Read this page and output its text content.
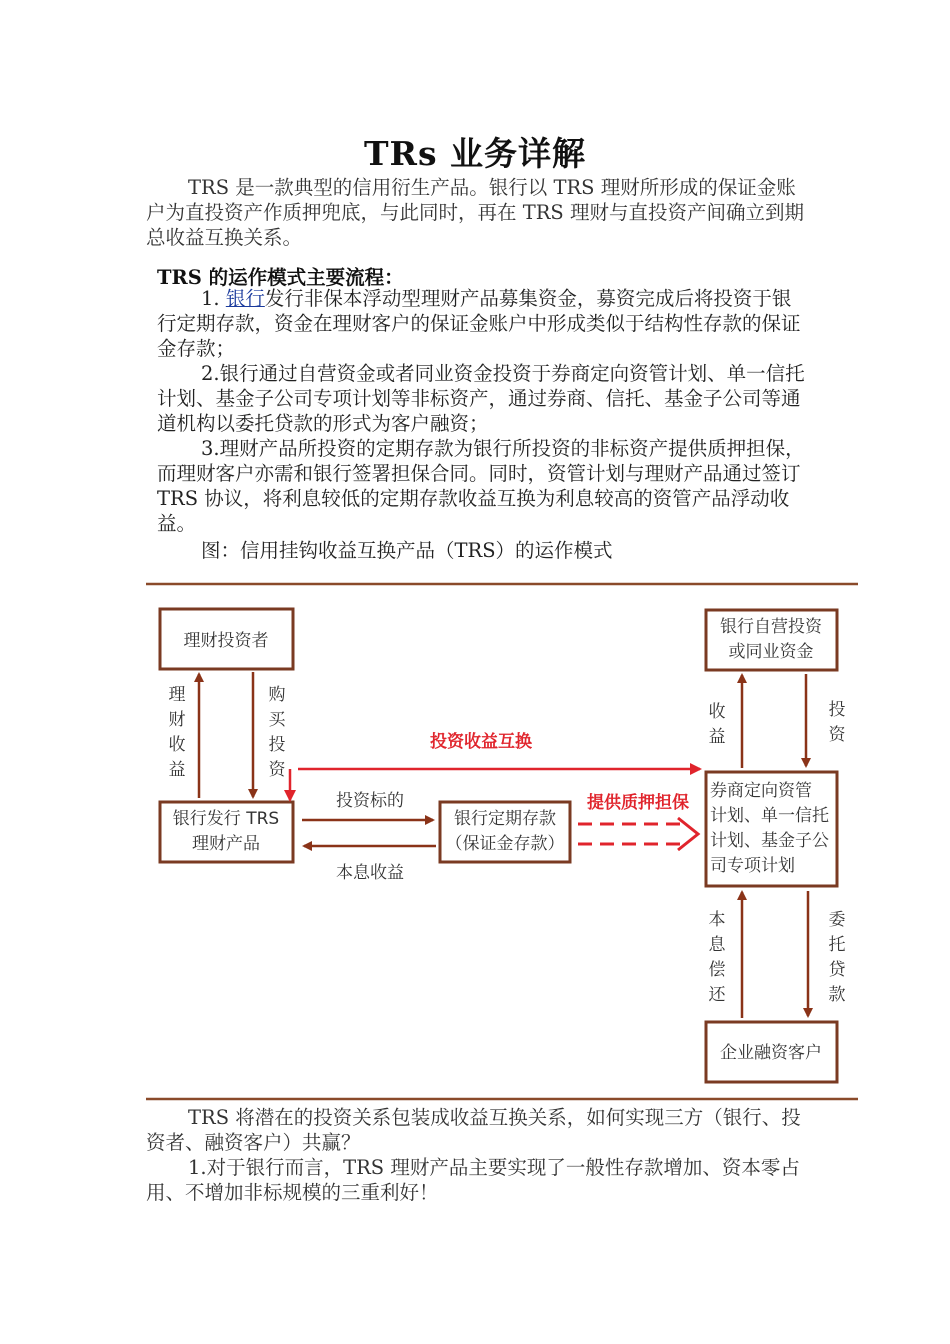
TRs 业务详解

TRS 是一款典型的信用衍生产品。银行以 TRS 理财所形成的保证金账户为直投资产作质押兜底，与此同时，再在 TRS 理财与直投资产间确立到期总收益互换关系。

TRS 的运作模式主要流程：
1. 银行发行非保本浮动型理财产品募集资金，募资完成后将投资于银行定期存款，资金在理财客户的保证金账户中形成类似于结构性存款的保证金存款；
2.银行通过自营资金或者同业资金投资于券商定向资管计划、单一信托计划、基金子公司专项计划等非标资产，通过券商、信托、基金子公司等通道机构以委托贷款的形式为客户融资；
3.理财产品所投资的定期存款为银行所投资的非标资产提供质押担保，而理财客户亦需和银行签署担保合同。同时，资管计划与理财产品通过签订 TRS 协议，将利息较低的定期存款收益互换为利息较高的资管产品浮动收益。
图：信用挂钩收益互换产品（TRS）的运作模式
理财投资者
银行发行 TRS
理财产品
银行定期存款
（保证金存款）
银行自营投资
或同业资金
券商定向资管
计划、单一信托
计划、基金子公
司专项计划
企业融资客户
理
财
收
益
购
买
投
资
投资收益互换
投资标的
本息收益
提供质押担保
收
益
投
资
本
息
偿
还
委
托
贷
款
TRS 将潜在的投资关系包装成收益互换关系，如何实现三方（银行、投资者、融资客户）共赢？
1.对于银行而言，TRS 理财产品主要实现了一般性存款增加、资本零占用、不增加非标规模的三重利好！
